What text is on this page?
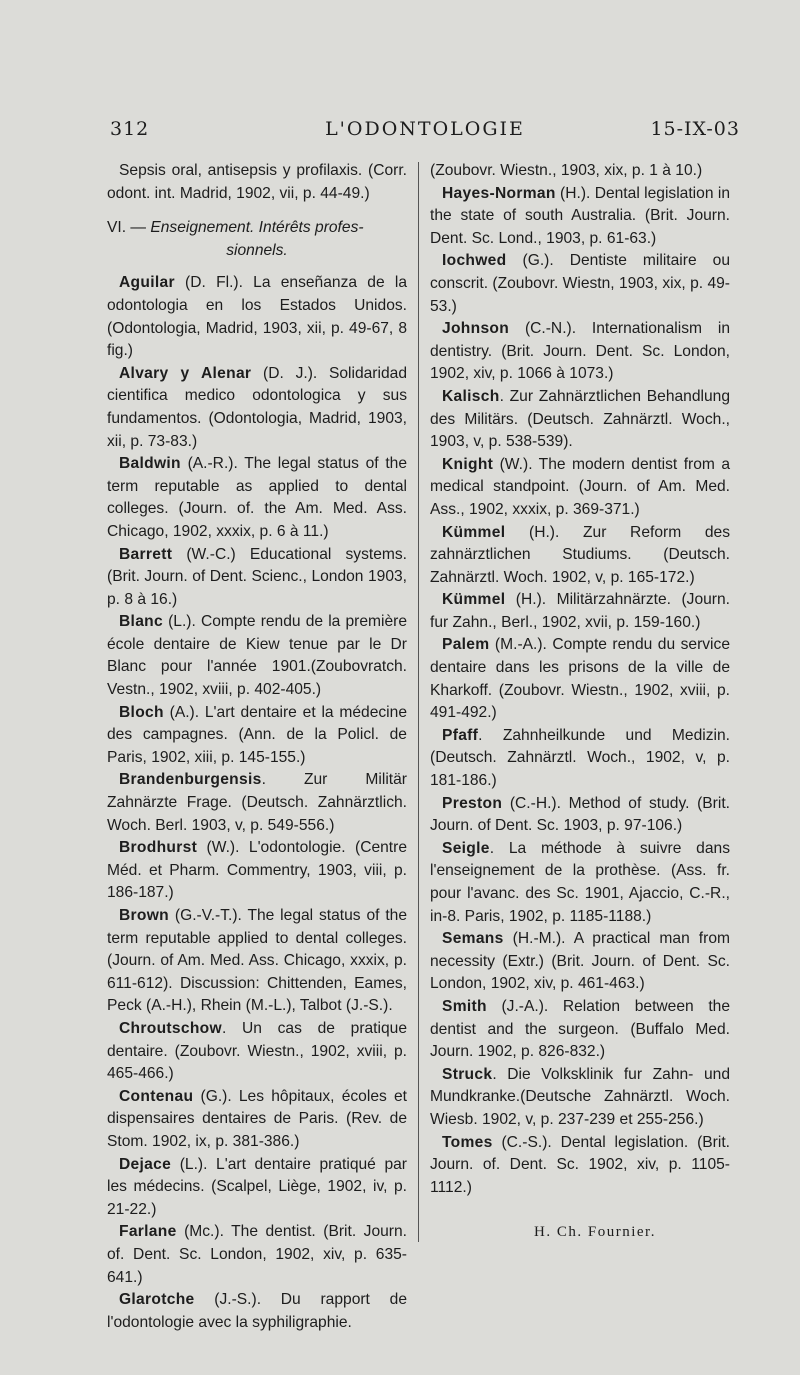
312	L'ODONTOLOGIE	15-IX-03

Sepsis oral, antisepsis y profilaxis. (Corr. odont. int. Madrid, 1902, vii, p. 44-49.)

VI. — Enseignement. Intérêts profes-
sionnels.

Aguilar (D. Fl.). La enseñanza de la odontologia en los Estados Unidos. (Odontologia, Madrid, 1903, xii, p. 49-67, 8 fig.)

Alvary y Alenar (D. J.). Solidaridad cientifica medico odontologica y sus fundamentos. (Odontologia, Madrid, 1903, xii, p. 73-83.)

Baldwin (A.-R.). The legal status of the term reputable as applied to dental colleges. (Journ. of. the Am. Med. Ass. Chicago, 1902, xxxix, p. 6 à 11.)

Barrett (W.-C.) Educational systems. (Brit. Journ. of Dent. Scienc., London 1903, p. 8 à 16.)

Blanc (L.). Compte rendu de la première école dentaire de Kiew tenue par le Dr Blanc pour l'année 1901.(Zoubovratch. Vestn., 1902, xviii, p. 402-405.)

Bloch (A.). L'art dentaire et la médecine des campagnes. (Ann. de la Policl. de Paris, 1902, xiii, p. 145-155.)

Brandenburgensis. Zur Militär Zahnärzte Frage. (Deutsch. Zahnärztlich. Woch. Berl. 1903, v, p. 549-556.)

Brodhurst (W.). L'odontologie. (Centre Méd. et Pharm. Commentry, 1903, viii, p. 186-187.)

Brown (G.-V.-T.). The legal status of the term reputable applied to dental colleges. (Journ. of Am. Med. Ass. Chicago, xxxix, p. 611-612). Discussion: Chittenden, Eames, Peck (A.-H.), Rhein (M.-L.), Talbot (J.-S.).

Chroutschow. Un cas de pratique dentaire. (Zoubovr. Wiestn., 1902, xviii, p. 465-466.)

Contenau (G.). Les hôpitaux, écoles et dispensaires dentaires de Paris. (Rev. de Stom. 1902, ix, p. 381-386.)

Dejace (L.). L'art dentaire pratiqué par les médecins. (Scalpel, Liège, 1902, iv, p. 21-22.)

Farlane (Mc.). The dentist. (Brit. Journ. of. Dent. Sc. London, 1902, xiv, p. 635-641.)

Glarotche (J.-S.). Du rapport de l'odontologie avec la syphiligraphie.

(Zoubovr. Wiestn., 1903, xix, p. 1 à 10.)

Hayes-Norman (H.). Dental legislation in the state of south Australia. (Brit. Journ. Dent. Sc. Lond., 1903, p. 61-63.)

Iochwed (G.). Dentiste militaire ou conscrit. (Zoubovr. Wiestn, 1903, xix, p. 49-53.)

Johnson (C.-N.). Internationalism in dentistry. (Brit. Journ. Dent. Sc. London, 1902, xiv, p. 1066 à 1073.)

Kalisch. Zur Zahnärztlichen Behandlung des Militärs. (Deutsch. Zahnärztl. Woch., 1903, v, p. 538-539).

Knight (W.). The modern dentist from a medical standpoint. (Journ. of Am. Med. Ass., 1902, xxxix, p. 369-371.)

Kümmel (H.). Zur Reform des zahnärztlichen Studiums. (Deutsch. Zahnärztl. Woch. 1902, v, p. 165-172.)

Kümmel (H.). Militärzahnärzte. (Journ. fur Zahn., Berl., 1902, xvii, p. 159-160.)

Palem (M.-A.). Compte rendu du service dentaire dans les prisons de la ville de Kharkoff. (Zoubovr. Wiestn., 1902, xviii, p. 491-492.)

Pfaff. Zahnheilkunde und Medizin. (Deutsch. Zahnärztl. Woch., 1902, v, p. 181-186.)

Preston (C.-H.). Method of study. (Brit. Journ. of Dent. Sc. 1903, p. 97-106.)

Seigle. La méthode à suivre dans l'enseignement de la prothèse. (Ass. fr. pour l'avanc. des Sc. 1901, Ajaccio, C.-R., in-8. Paris, 1902, p. 1185-1188.)

Semans (H.-M.). A practical man from necessity (Extr.) (Brit. Journ. of Dent. Sc. London, 1902, xiv, p. 461-463.)

Smith (J.-A.). Relation between the dentist and the surgeon. (Buffalo Med. Journ. 1902, p. 826-832.)

Struck. Die Volksklinik fur Zahn- und Mundkranke.(Deutsche Zahnärztl. Woch. Wiesb. 1902, v, p. 237-239 et 255-256.)

Tomes (C.-S.). Dental legislation. (Brit. Journ. of. Dent. Sc. 1902, xiv, p. 1105-1112.)

H. Ch. Fournier.
